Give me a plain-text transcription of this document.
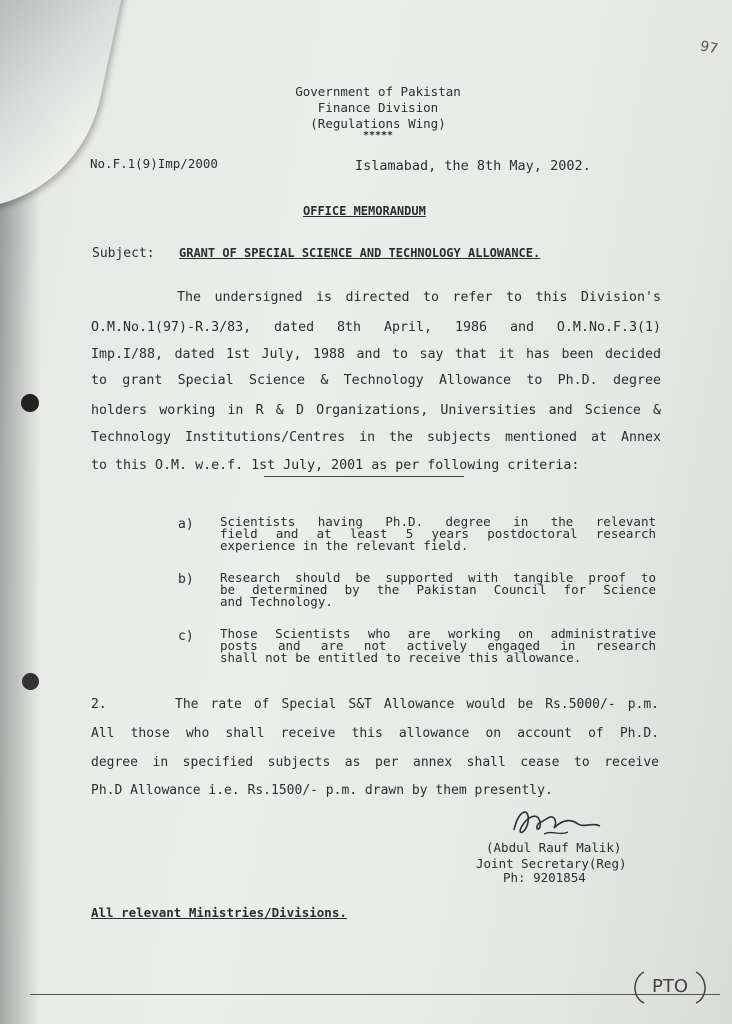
97
Government of Pakistan
Finance Division
(Regulations Wing)
*****
No.F.1(9)Imp/2000	Islamabad, the 8th May, 2002.
OFFICE MEMORANDUM
Subject: GRANT OF SPECIAL SCIENCE AND TECHNOLOGY ALLOWANCE.
The undersigned is directed to refer to this Division's
O.M.No.1(97)-R.3/83, dated 8th April, 1986 and O.M.No.F.3(1)
Imp.I/88, dated 1st July, 1988 and to say that it has been decided
to grant Special Science & Technology Allowance to Ph.D. degree
holders working in R & D Organizations, Universities and Science &
Technology Institutions/Centres in the subjects mentioned at Annex
to this O.M. w.e.f. 1st July, 2001 as per following criteria:
a) Scientists having Ph.D. degree in the relevant
field and at least 5 years postdoctoral research
experience in the relevant field.
b) Research should be supported with tangible proof to
be determined by the Pakistan Council for Science
and Technology.
c) Those Scientists who are working on administrative
posts and are not actively engaged in research
shall not be entitled to receive this allowance.
2.	The rate of Special S&T Allowance would be Rs.5000/- p.m.
All those who shall receive this allowance on account of Ph.D.
degree in specified subjects as per annex shall cease to receive
Ph.D Allowance i.e. Rs.1500/- p.m. drawn by them presently.
(Abdul Rauf Malik)
Joint Secretary(Reg)
Ph: 9201854
All relevant Ministries/Divisions.
PTO
